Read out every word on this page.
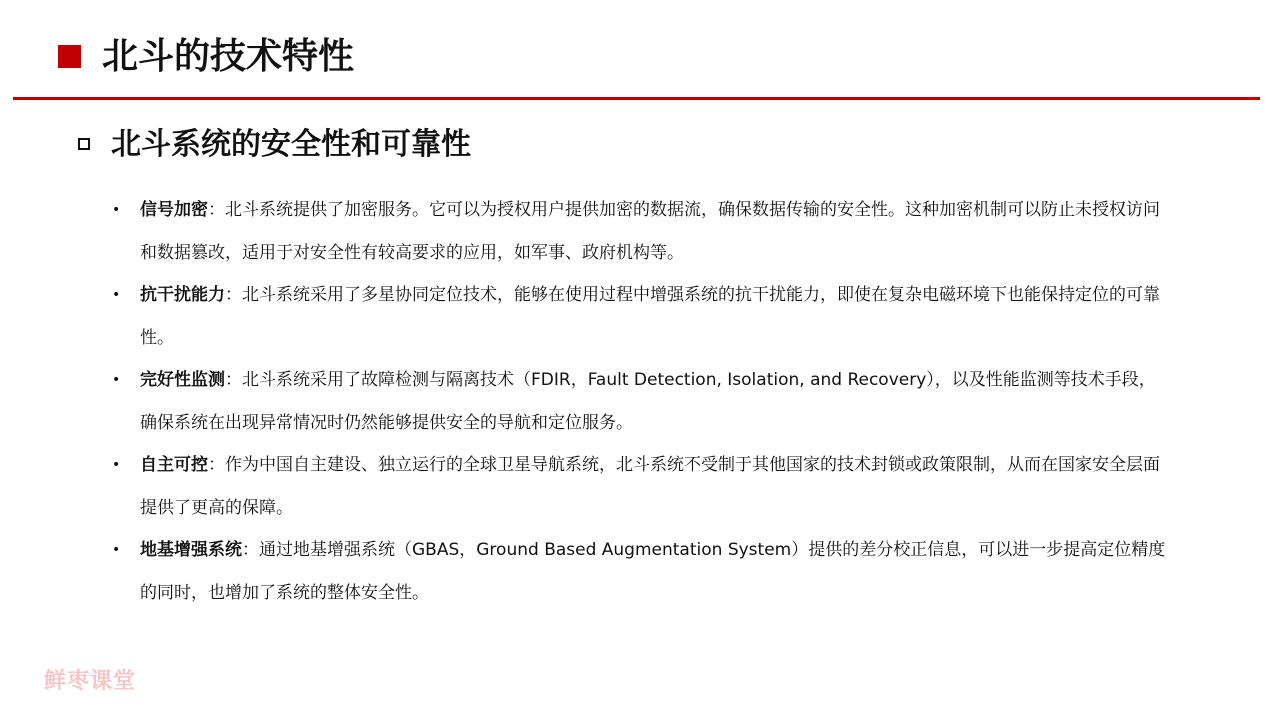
北斗的技术特性
北斗系统的安全性和可靠性
• 信号加密：北斗系统提供了加密服务。它可以为授权用户提供加密的数据流，确保数据传输的安全性。这种加密机制可以防止未授权访问和数据篡改，适用于对安全性有较高要求的应用，如军事、政府机构等。
• 抗干扰能力：北斗系统采用了多星协同定位技术，能够在使用过程中增强系统的抗干扰能力，即使在复杂电磁环境下也能保持定位的可靠性。
• 完好性监测：北斗系统采用了故障检测与隔离技术（FDIR，Fault Detection, Isolation, and Recovery），以及性能监测等技术手段，确保系统在出现异常情况时仍然能够提供安全的导航和定位服务。
• 自主可控：作为中国自主建设、独立运行的全球卫星导航系统，北斗系统不受制于其他国家的技术封锁或政策限制，从而在国家安全层面提供了更高的保障。
• 地基增强系统：通过地基增强系统（GBAS，Ground Based Augmentation System）提供的差分校正信息，可以进一步提高定位精度的同时，也增加了系统的整体安全性。
鲜枣课堂
